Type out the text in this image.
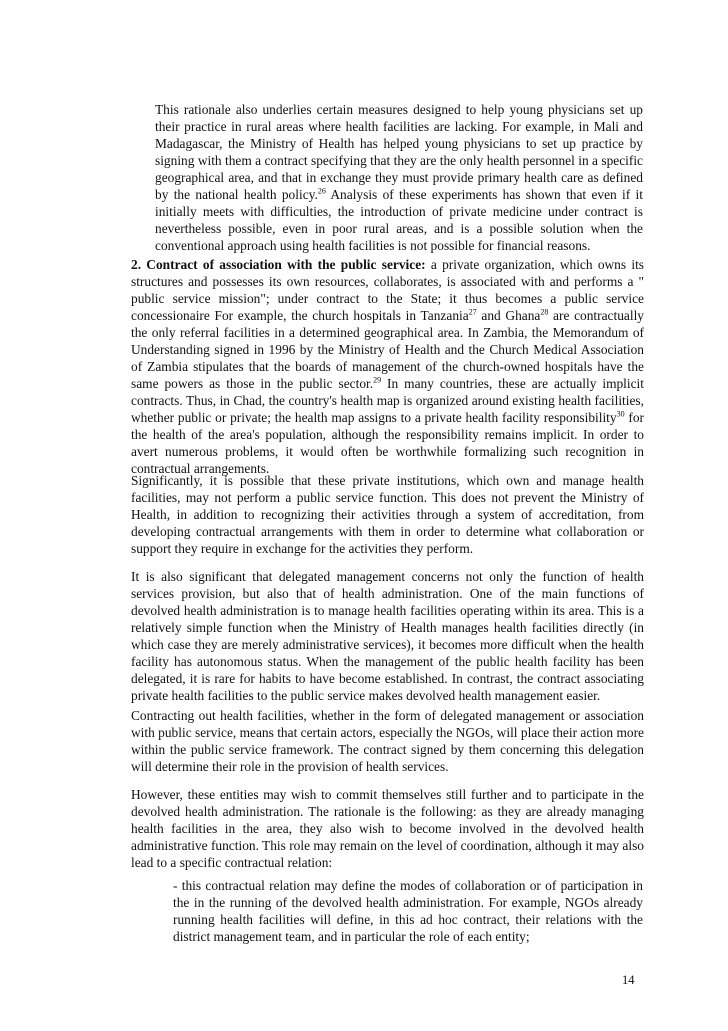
This rationale also underlies certain measures designed to help young physicians set up their practice in rural areas where health facilities are lacking. For example, in Mali and Madagascar, the Ministry of Health has helped young physicians to set up practice by signing with them a contract specifying that they are the only health personnel in a specific geographical area, and that in exchange they must provide primary health care as defined by the national health policy.$^{26}$ Analysis of these experiments has shown that even if it initially meets with difficulties, the introduction of private medicine under contract is nevertheless possible, even in poor rural areas, and is a possible solution when the conventional approach using health facilities is not possible for financial reasons.

2. Contract of association with the public service: a private organization, which owns its structures and possesses its own resources, collaborates, is associated with and performs a " public service mission"; under contract to the State; it thus becomes a public service concessionaire For example, the church hospitals in Tanzania$^{27}$ and Ghana$^{28}$ are contractually the only referral facilities in a determined geographical area. In Zambia, the Memorandum of Understanding signed in 1996 by the Ministry of Health and the Church Medical Association of Zambia stipulates that the boards of management of the church-owned hospitals have the same powers as those in the public sector.$^{29}$ In many countries, these are actually implicit contracts. Thus, in Chad, the country's health map is organized around existing health facilities, whether public or private; the health map assigns to a private health facility responsibility$^{30}$ for the health of the area's population, although the responsibility remains implicit. In order to avert numerous problems, it would often be worthwhile formalizing such recognition in contractual arrangements.

Significantly, it is possible that these private institutions, which own and manage health facilities, may not perform a public service function. This does not prevent the Ministry of Health, in addition to recognizing their activities through a system of accreditation, from developing contractual arrangements with them in order to determine what collaboration or support they require in exchange for the activities they perform.

It is also significant that delegated management concerns not only the function of health services provision, but also that of health administration. One of the main functions of devolved health administration is to manage health facilities operating within its area. This is a relatively simple function when the Ministry of Health manages health facilities directly (in which case they are merely administrative services), it becomes more difficult when the health facility has autonomous status. When the management of the public health facility has been delegated, it is rare for habits to have become established. In contrast, the contract associating private health facilities to the public service makes devolved health management easier.

Contracting out health facilities, whether in the form of delegated management or association with public service, means that certain actors, especially the NGOs, will place their action more within the public service framework. The contract signed by them concerning this delegation will determine their role in the provision of health services.

However, these entities may wish to commit themselves still further and to participate in the devolved health administration. The rationale is the following: as they are already managing health facilities in the area, they also wish to become involved in the devolved health administrative function. This role may remain on the level of coordination, although it may also lead to a specific contractual relation:

- this contractual relation may define the modes of collaboration or of participation in the in the running of the devolved health administration. For example, NGOs already running health facilities will define, in this ad hoc contract, their relations with the district management team, and in particular the role of each entity;

14
